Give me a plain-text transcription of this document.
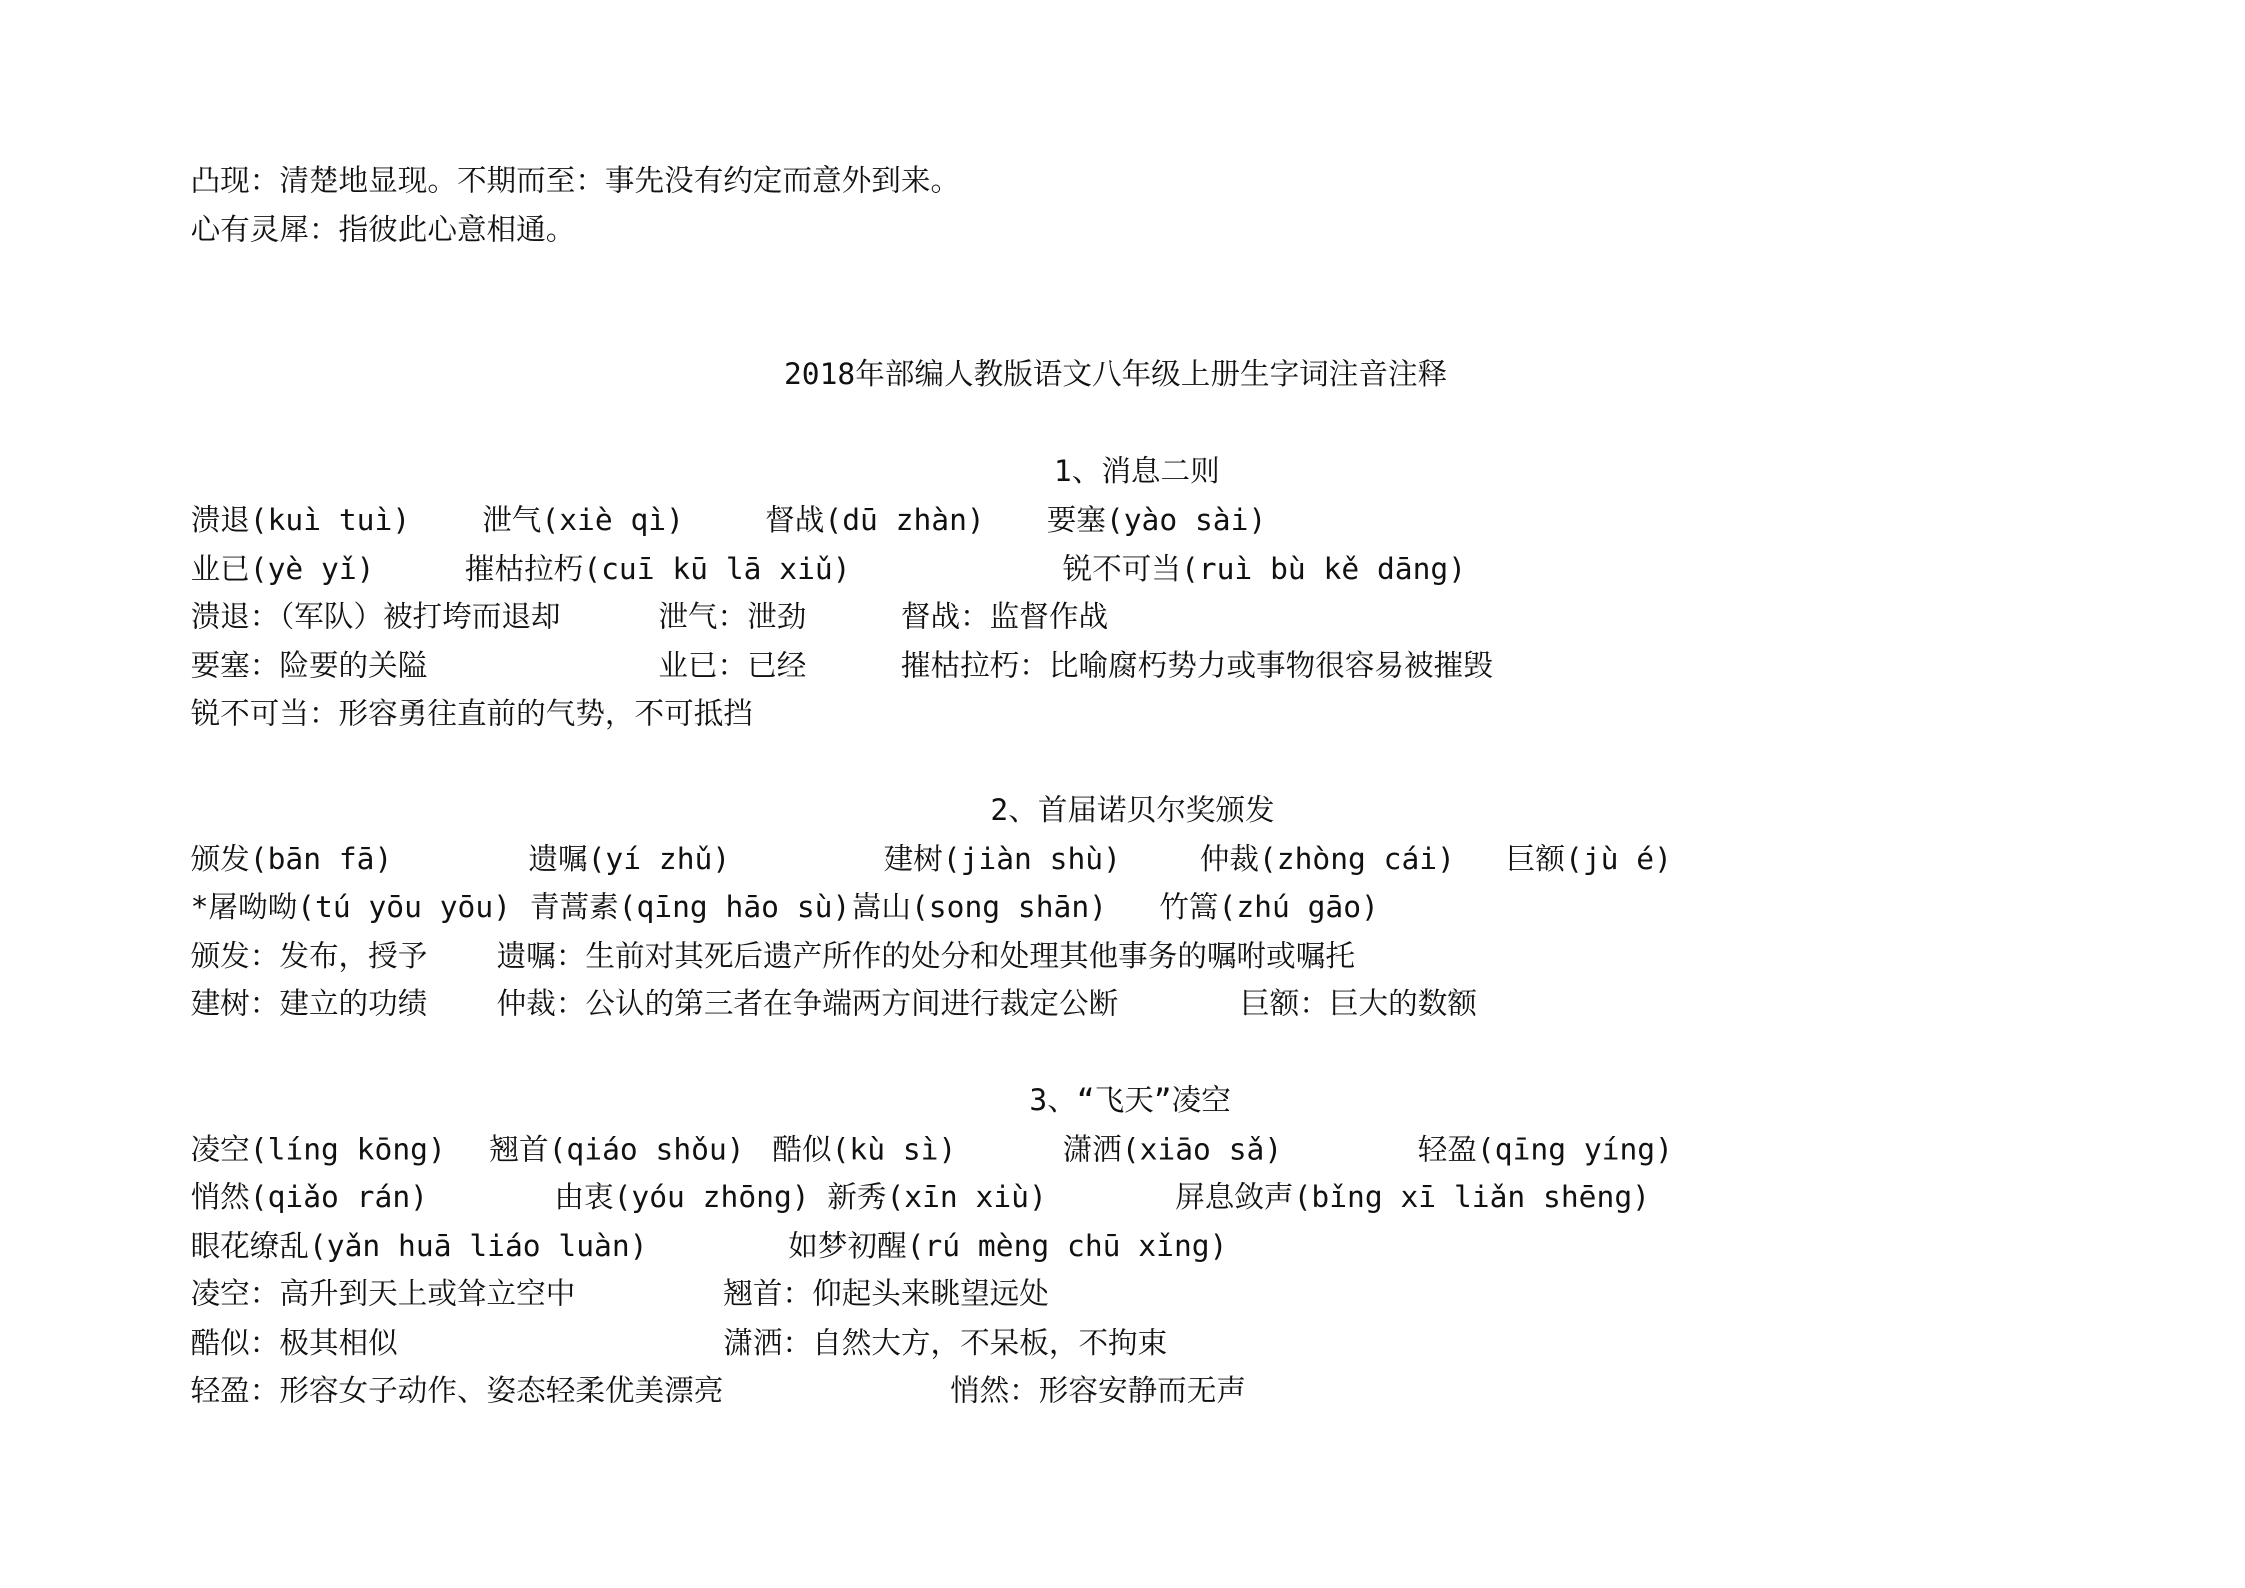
凸现：清楚地显现。不期而至：事先没有约定而意外到来。
心有灵犀：指彼此心意相通。
2018年部编人教版语文八年级上册生字词注音注释
1、消息二则
溃退(kuì tuì)	泄气(xiè qì)	督战(dū zhàn)	要塞(yào sài)
业已(yè yǐ)	摧枯拉朽(cuī kū lā xiǔ)	锐不可当(ruì bù kě dāng)
溃退：（军队）被打垮而退却	泄气：泄劲	督战：监督作战
要塞：险要的关隘	业已：已经	摧枯拉朽：比喻腐朽势力或事物很容易被摧毁
锐不可当：形容勇往直前的气势，不可抵挡
2、首届诺贝尔奖颁发
颁发(bān fā)	遗嘱(yí zhǔ)	建树(jiàn shù)	仲裁(zhòng cái) 巨额(jù é)
*屠呦呦(tú yōu yōu) 青蒿素(qīng hāo sù) 嵩山(song shān)	竹篙(zhú gāo)
颁发：发布，授予	遗嘱：生前对其死后遗产所作的处分和处理其他事务的嘱咐或嘱托
建树：建立的功绩	仲裁：公认的第三者在争端两方间进行裁定公断	巨额：巨大的数额
3、“飞天”凌空
凌空(líng kōng) 翘首(qiáo shǒu) 酷似(kù sì)	潇洒(xiāo sǎ)	轻盈(qīng yíng)
悄然(qiǎo rán)	由衷(yóu zhōng) 新秀(xīn xiù)	屏息敛声(bǐng xī liǎn shēng)
眼花缭乱(yǎn huā liáo luàn)	如梦初醒(rú mèng chū xǐng)
凌空：高升到天上或耸立空中	翘首：仰起头来眺望远处
酷似：极其相似	潇洒：自然大方，不呆板，不拘束
轻盈：形容女子动作、姿态轻柔优美漂亮	悄然：形容安静而无声
